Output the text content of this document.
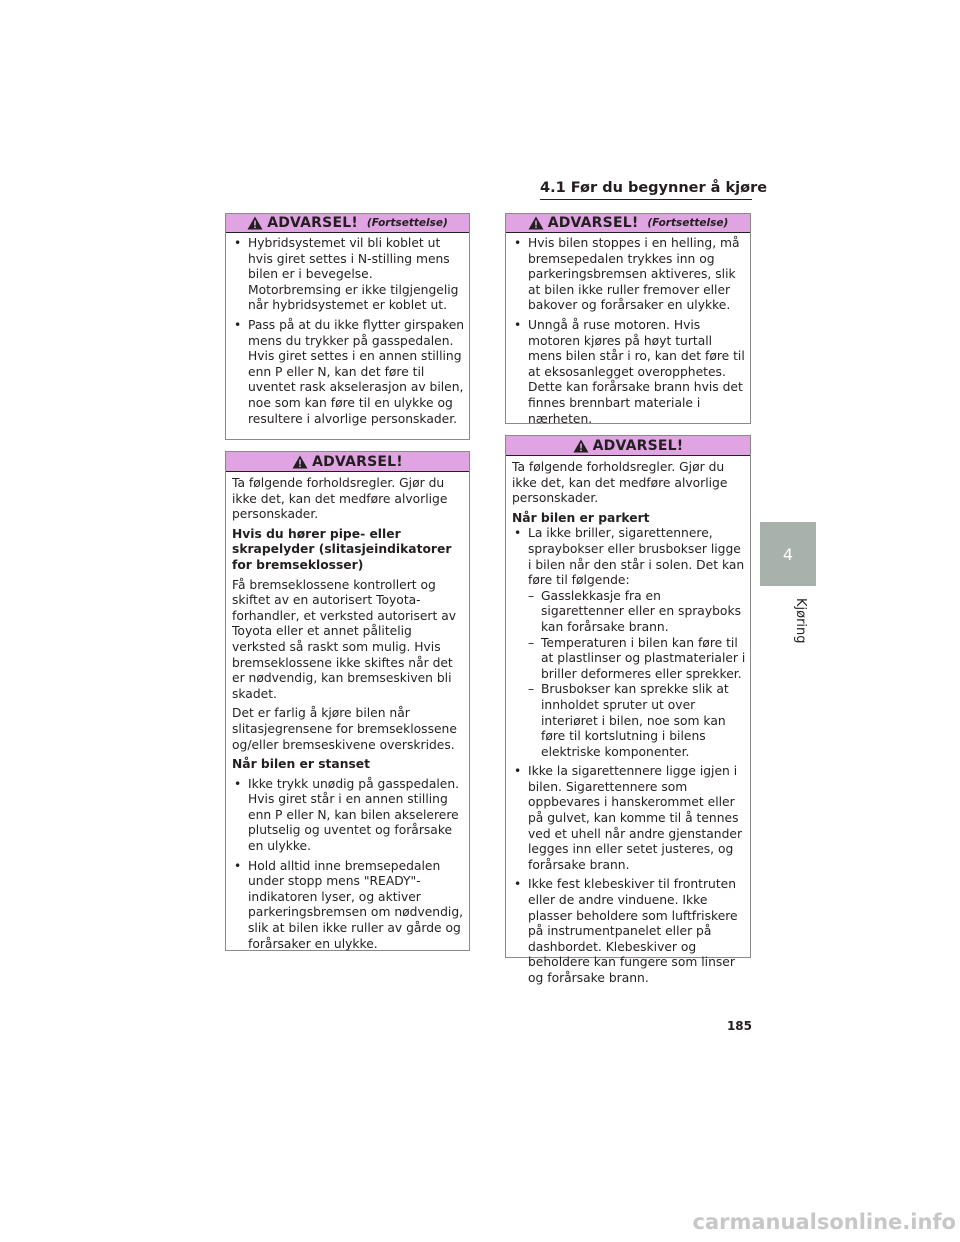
4.1 Før du begynner å kjøre
4
Kjøring
ADVARSEL! (Fortsettelse)
• Hybridsystemet vil bli koblet ut hvis giret settes i N-stilling mens bilen er i bevegelse. Motorbremsing er ikke tilgjengelig når hybridsystemet er koblet ut.
• Pass på at du ikke flytter girspaken mens du trykker på gasspedalen. Hvis giret settes i en annen stilling enn P eller N, kan det føre til uventet rask akselerasjon av bilen, noe som kan føre til en ulykke og resultere i alvorlige personskader.
ADVARSEL!

Ta følgende forholdsregler. Gjør du ikke det, kan det medføre alvorlige personskader.

Hvis du hører pipe- eller skrapelyder (slitasjeindikatorer for bremseklosser)

Få bremseklossene kontrollert og skiftet av en autorisert Toyota-forhandler, et verksted autorisert av Toyota eller et annet pålitelig verksted så raskt som mulig. Hvis bremseklossene ikke skiftes når det er nødvendig, kan bremseskiven bli skadet.

Det er farlig å kjøre bilen når slitasjegrensene for bremseklossene og/eller bremseskivene overskrides.

Når bilen er stanset

• Ikke trykk unødig på gasspedalen. Hvis giret står i en annen stilling enn P eller N, kan bilen akselerere plutselig og uventet og forårsake en ulykke.
• Hold alltid inne bremsepedalen under stopp mens "READY"-indikatoren lyser, og aktiver parkeringsbremsen om nødvendig, slik at bilen ikke ruller av gårde og forårsaker en ulykke.
ADVARSEL! (Fortsettelse)
• Hvis bilen stoppes i en helling, må bremsepedalen trykkes inn og parkeringsbremsen aktiveres, slik at bilen ikke ruller fremover eller bakover og forårsaker en ulykke.
• Unngå å ruse motoren. Hvis motoren kjøres på høyt turtall mens bilen står i ro, kan det føre til at eksosanlegget overopphetes. Dette kan forårsake brann hvis det finnes brennbart materiale i nærheten.
ADVARSEL!

Ta følgende forholdsregler. Gjør du ikke det, kan det medføre alvorlige personskader.

Når bilen er parkert

• La ikke briller, sigarettennere, spraybokser eller brusbokser ligge i bilen når den står i solen. Det kan føre til følgende:
– Gasslekkasje fra en sigarettenner eller en sprayboks kan forårsake brann.
– Temperaturen i bilen kan føre til at plastlinser og plastmaterialer i briller deformeres eller sprekker.
– Brusbokser kan sprekke slik at innholdet spruter ut over interiøret i bilen, noe som kan føre til kortslutning i bilens elektriske komponenter.
• Ikke la sigarettennere ligge igjen i bilen. Sigarettennere som oppbevares i hanskerommet eller på gulvet, kan komme til å tennes ved et uhell når andre gjenstander legges inn eller setet justeres, og forårsake brann.
• Ikke fest klebeskiver til frontruten eller de andre vinduene. Ikke plasser beholdere som luftfriskere på instrumentpanelet eller på dashbordet. Klebeskiver og beholdere kan fungere som linser og forårsake brann.
185
carmanualsonline.info
